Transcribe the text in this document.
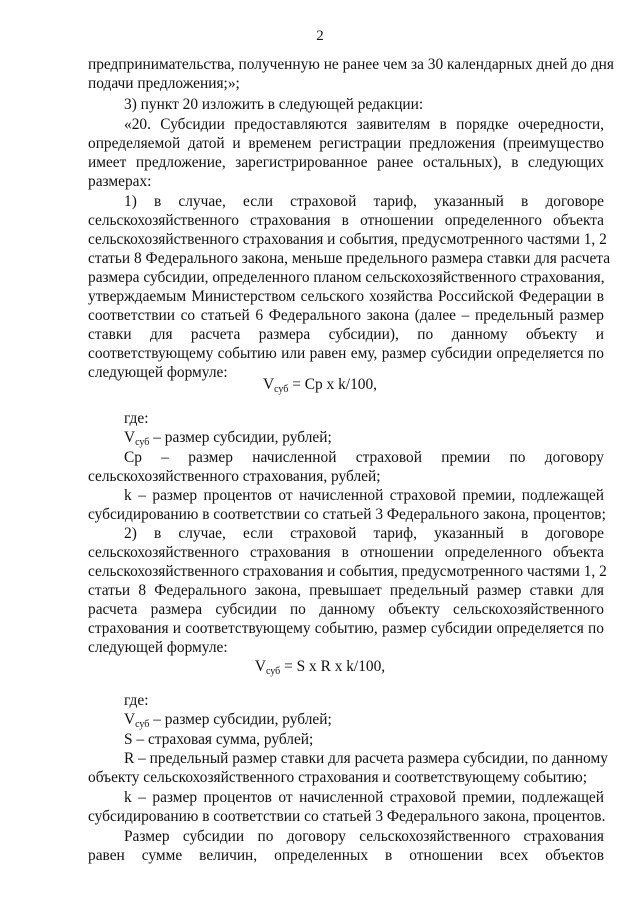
2
предпринимательства, полученную не ранее чем за 30 календарных дней до дня
подачи предложения;»;
3) пункт 20 изложить в следующей редакции:
«20. Субсидии предоставляются заявителям в порядке очередности,
определяемой датой и временем регистрации предложения (преимущество
имеет предложение, зарегистрированное ранее остальных), в следующих
размерах:
1) в случае, если страховой тариф, указанный в договоре
сельскохозяйственного страхования в отношении определенного объекта
сельскохозяйственного страхования и события, предусмотренного частями 1, 2
статьи 8 Федерального закона, меньше предельного размера ставки для расчета
размера субсидии, определенного планом сельскохозяйственного страхования,
утверждаемым Министерством сельского хозяйства Российской Федерации в
соответствии со статьей 6 Федерального закона (далее – предельный размер
ставки для расчета размера субсидии), по данному объекту и
соответствующему событию или равен ему, размер субсидии определяется по
следующей формуле:
$V_{суб}$ = Ср x k/100,
где:
$V_{суб}$ – размер субсидии, рублей;
Ср – размер начисленной страховой премии по договору
сельскохозяйственного страхования, рублей;
k – размер процентов от начисленной страховой премии, подлежащей
субсидированию в соответствии со статьей 3 Федерального закона, процентов;
2) в случае, если страховой тариф, указанный в договоре
сельскохозяйственного страхования в отношении определенного объекта
сельскохозяйственного страхования и события, предусмотренного частями 1, 2
статьи 8 Федерального закона, превышает предельный размер ставки для
расчета размера субсидии по данному объекту сельскохозяйственного
страхования и соответствующему событию, размер субсидии определяется по
следующей формуле:
$V_{суб} = S$ x R x k/100,
где:
$V_{суб}$ – размер субсидии, рублей;
S – страховая сумма, рублей;
R – предельный размер ставки для расчета размера субсидии, по данному
объекту сельскохозяйственного страхования и соответствующему событию;
k – размер процентов от начисленной страховой премии, подлежащей
субсидированию в соответствии со статьей 3 Федерального закона, процентов.
Размер субсидии по договору сельскохозяйственного страхования
равен сумме величин, определенных в отношении всех объектов
